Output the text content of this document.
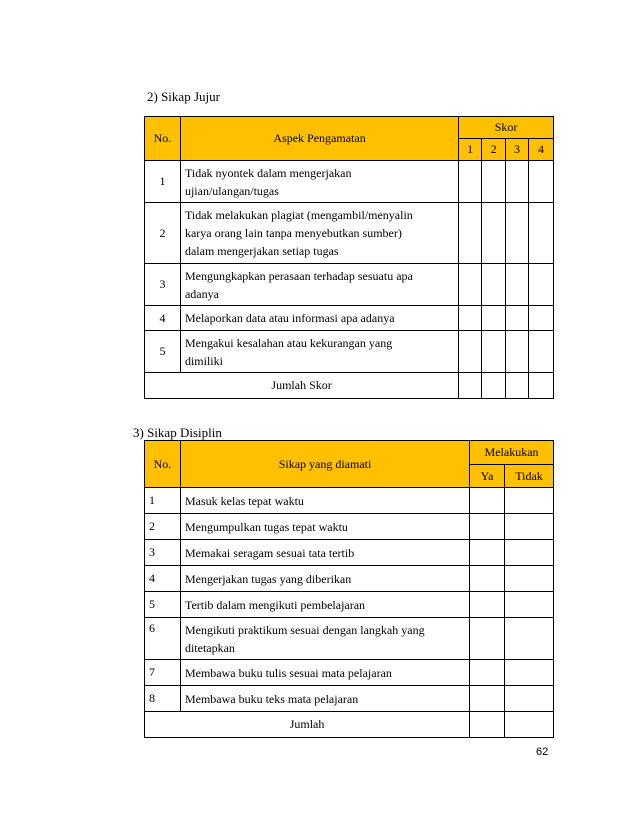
2) Sikap Jujur
No.	Aspek Pengamatan	Skor			
		1	2	3	4
1	Tidak nyontek dalam mengerjakan
ujian/ulangan/tugas				

2	Tidak melakukan plagiat (mengambil/menyalin
karya orang lain tanpa menyebutkan sumber)
dalam mengerjakan setiap tugas				

3	Mengungkapkan perasaan terhadap sesuatu apa
adanya				

4	Melaporkan data atau informasi apa adanya				

5	Mengakui kesalahan atau kekurangan yang
dimiliki				

Jumlah Skor					
3) Sikap Disiplin
No.	Sikap yang diamati	Melakukan	
		Ya	Tidak
1	Masuk kelas tepat waktu		

2	Mengumpulkan tugas tepat waktu		

3	Memakai seragam sesuai tata tertib		

4	Mengerjakan tugas yang diberikan		

5	Tertib dalam mengikuti pembelajaran		

6	Mengikuti praktikum sesuai dengan langkah yang
ditetapkan		

7	Membawa buku tulis sesuai mata pelajaran		

8	Membawa buku teks mata pelajaran		

Jumlah			
62
